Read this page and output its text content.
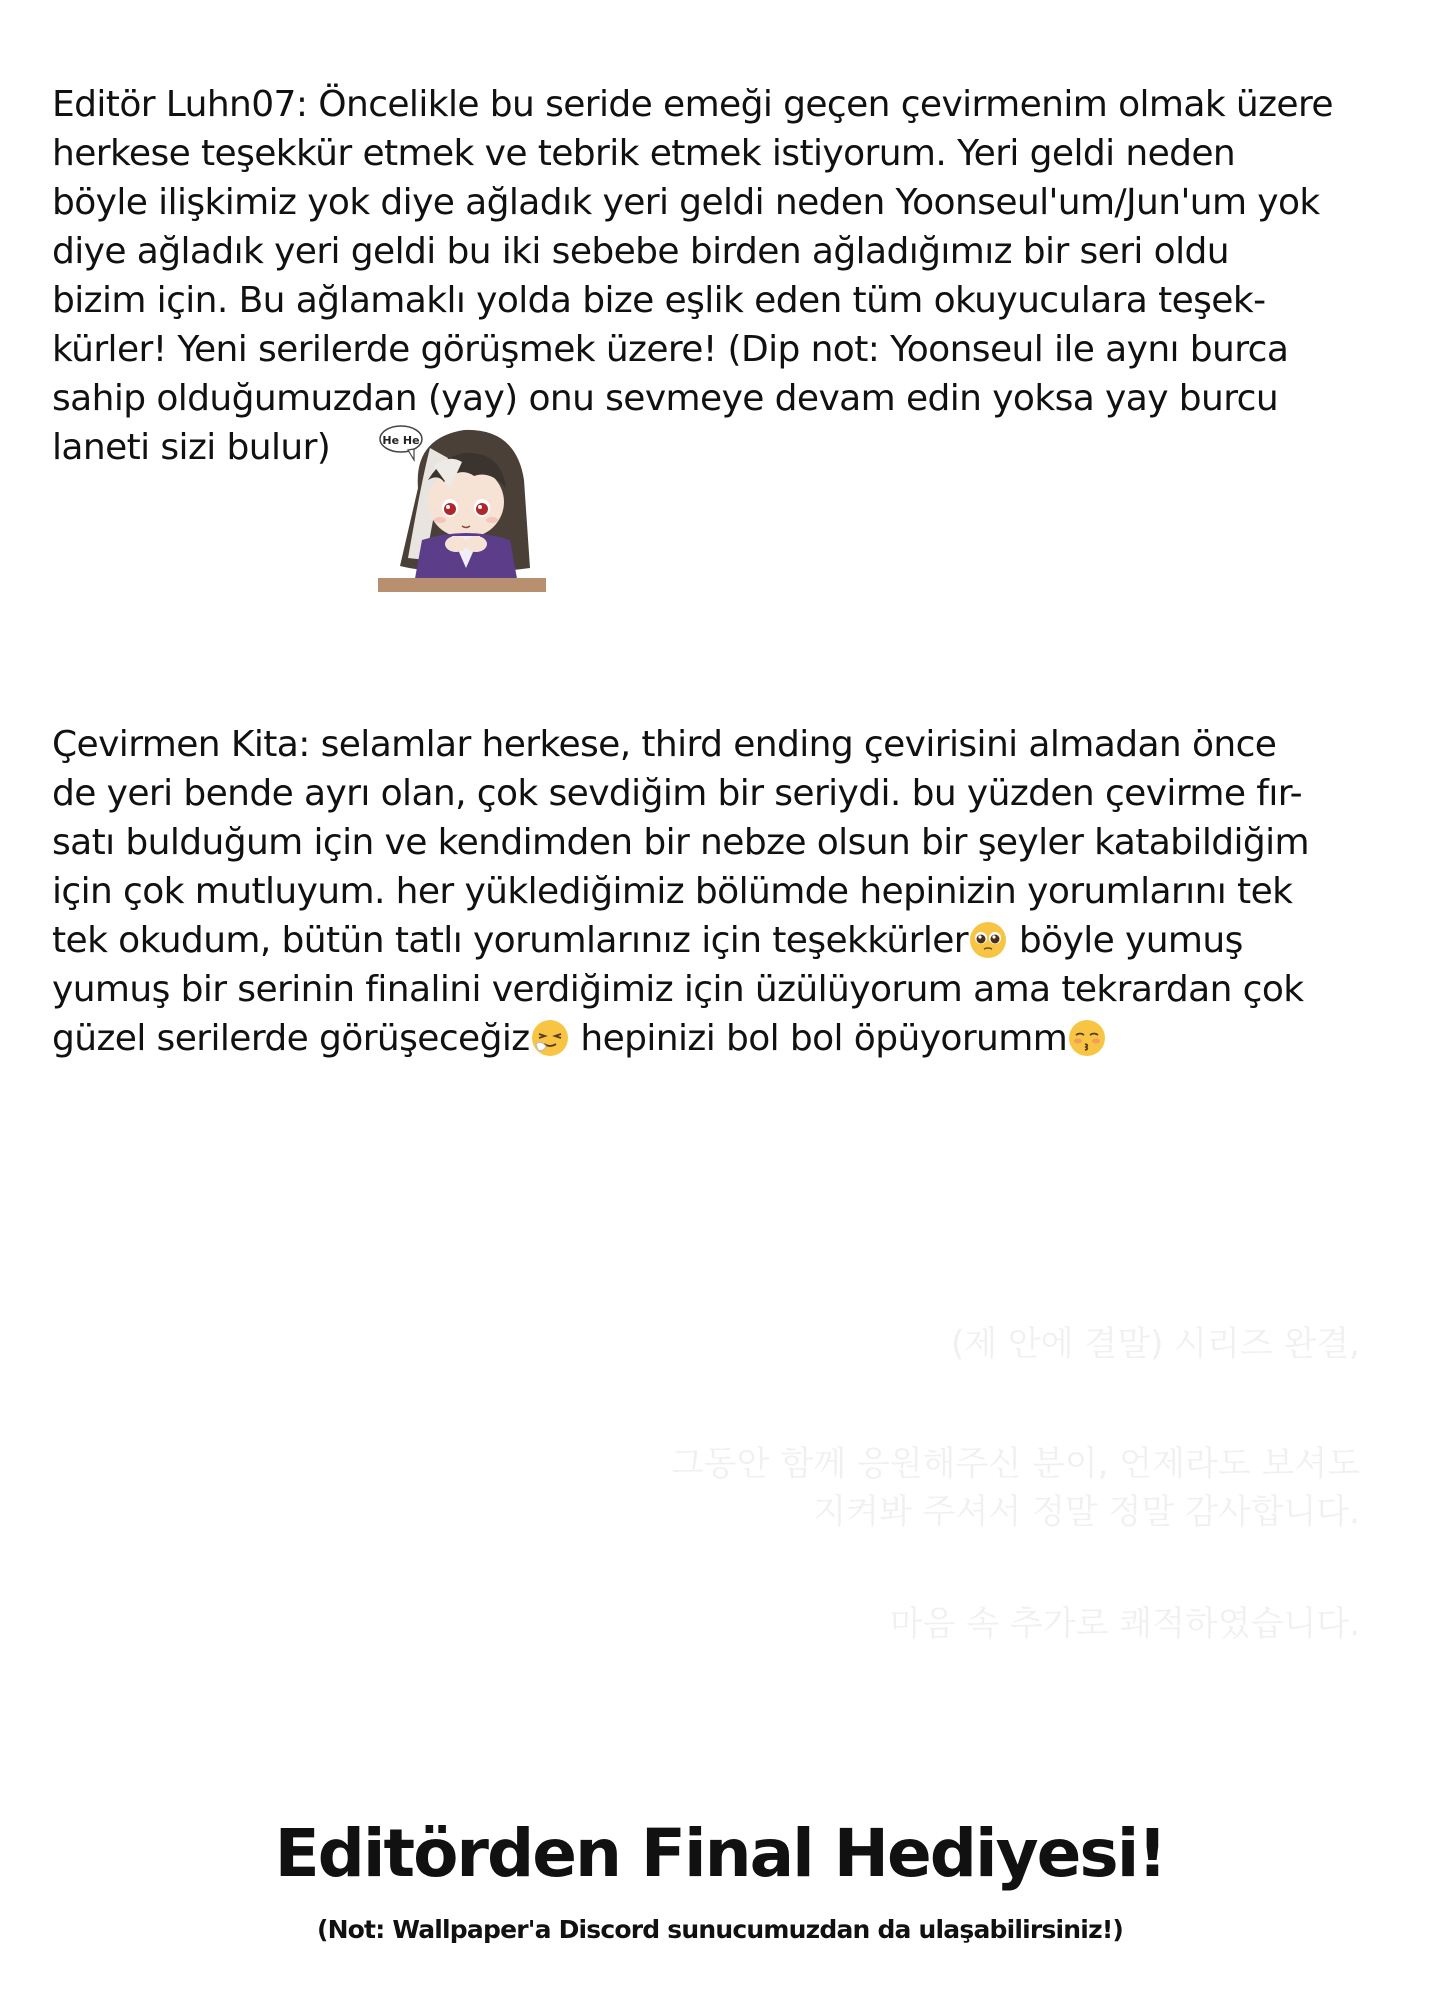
Editör Luhn07: Öncelikle bu seride emeği geçen çevirmenim olmak üzere
herkese teşekkür etmek ve tebrik etmek istiyorum. Yeri geldi neden
böyle ilişkimiz yok diye ağladık yeri geldi neden Yoonseul'um/Jun'um yok
diye ağladık yeri geldi bu iki sebebe birden ağladığımız bir seri oldu
bizim için. Bu ağlamaklı yolda bize eşlik eden tüm okuyuculara teşek-
kürler! Yeni serilerde görüşmek üzere! (Dip not: Yoonseul ile aynı burca
sahip olduğumuzdan (yay) onu sevmeye devam edin yoksa yay burcu
laneti sizi bulur)	He He
Çevirmen Kita: selamlar herkese, third ending çevirisini almadan önce
de yeri bende ayrı olan, çok sevdiğim bir seriydi. bu yüzden çevirme fır-
satı bulduğum için ve kendimden bir nebze olsun bir şeyler katabildiğim
için çok mutluyum. her yüklediğimiz bölümde hepinizin yorumlarını tek
tek okudum, bütün tatlı yorumlarınız için teşekkürler böyle yumuş
yumuş bir serinin finalini verdiğimiz için üzülüyorum ama tekrardan çok
güzel serilerde görüşeceğiz hepinizi bol bol öpüyorumm
(제 안에 결말) 시리즈 완결,
그동안 함께 응원해주신 분이, 언제라도 보셔도
지켜봐 주셔서 정말 정말 감사합니다.
마음 속 추가로 쾌적하였습니다.
Editörden Final Hediyesi!
(Not: Wallpaper'a Discord sunucumuzdan da ulaşabilirsiniz!)
